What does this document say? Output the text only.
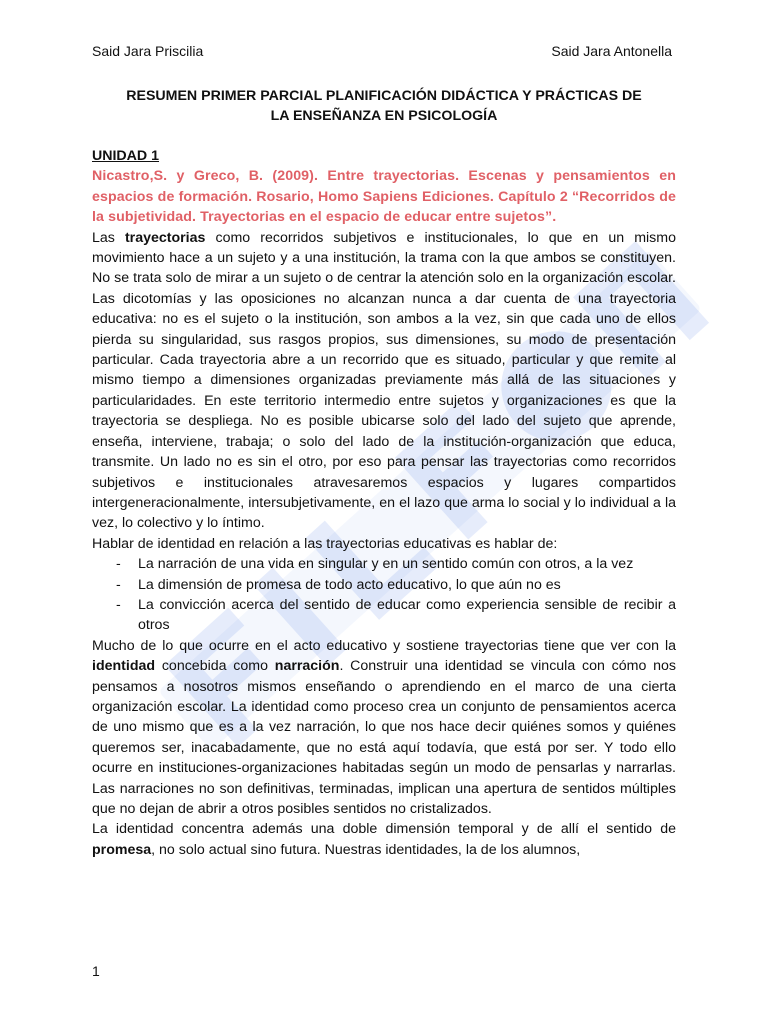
Said Jara Priscilia	Said Jara Antonella
RESUMEN PRIMER PARCIAL PLANIFICACIÓN DIDÁCTICA Y PRÁCTICAS DE
LA ENSEÑANZA EN PSICOLOGÍA

UNIDAD 1

Nicastro,S. y Greco, B. (2009). Entre trayectorias. Escenas y pensamientos en espacios de formación. Rosario, Homo Sapiens Ediciones. Capítulo 2 “Recorridos de la subjetividad. Trayectorias en el espacio de educar entre sujetos”.

Las trayectorias como recorridos subjetivos e institucionales, lo que en un mismo movimiento hace a un sujeto y a una institución, la trama con la que ambos se constituyen. No se trata solo de mirar a un sujeto o de centrar la atención solo en la organización escolar. Las dicotomías y las oposiciones no alcanzan nunca a dar cuenta de una trayectoria educativa: no es el sujeto o la institución, son ambos a la vez, sin que cada uno de ellos pierda su singularidad, sus rasgos propios, sus dimensiones, su modo de presentación particular. Cada trayectoria abre a un recorrido que es situado, particular y que remite al mismo tiempo a dimensiones organizadas previamente más allá de las situaciones y particularidades. En este territorio intermedio entre sujetos y organizaciones es que la trayectoria se despliega. No es posible ubicarse solo del lado del sujeto que aprende, enseña, interviene, trabaja; o solo del lado de la institución-organización que educa, transmite. Un lado no es sin el otro, por eso para pensar las trayectorias como recorridos subjetivos e institucionales atravesaremos espacios y lugares compartidos intergeneracionalmente, intersubjetivamente, en el lazo que arma lo social y lo individual a la vez, lo colectivo y lo íntimo.

Hablar de identidad en relación a las trayectorias educativas es hablar de:

- La narración de una vida en singular y en un sentido común con otros, a la vez
- La dimensión de promesa de todo acto educativo, lo que aún no es
- La convicción acerca del sentido de educar como experiencia sensible de recibir a otros

Mucho de lo que ocurre en el acto educativo y sostiene trayectorias tiene que ver con la identidad concebida como narración. Construir una identidad se vincula con cómo nos pensamos a nosotros mismos enseñando o aprendiendo en el marco de una cierta organización escolar. La identidad como proceso crea un conjunto de pensamientos acerca de uno mismo que es a la vez narración, lo que nos hace decir quiénes somos y quiénes queremos ser, inacabadamente, que no está aquí todavía, que está por ser. Y todo ello ocurre en instituciones-organizaciones habitadas según un modo de pensarlas y narrarlas. Las narraciones no son definitivas, terminadas, implican una apertura de sentidos múltiples que no dejan de abrir a otros posibles sentidos no cristalizados.

La identidad concentra además una doble dimensión temporal y de allí el sentido de promesa, no solo actual sino futura. Nuestras identidades, la de los alumnos,

1
